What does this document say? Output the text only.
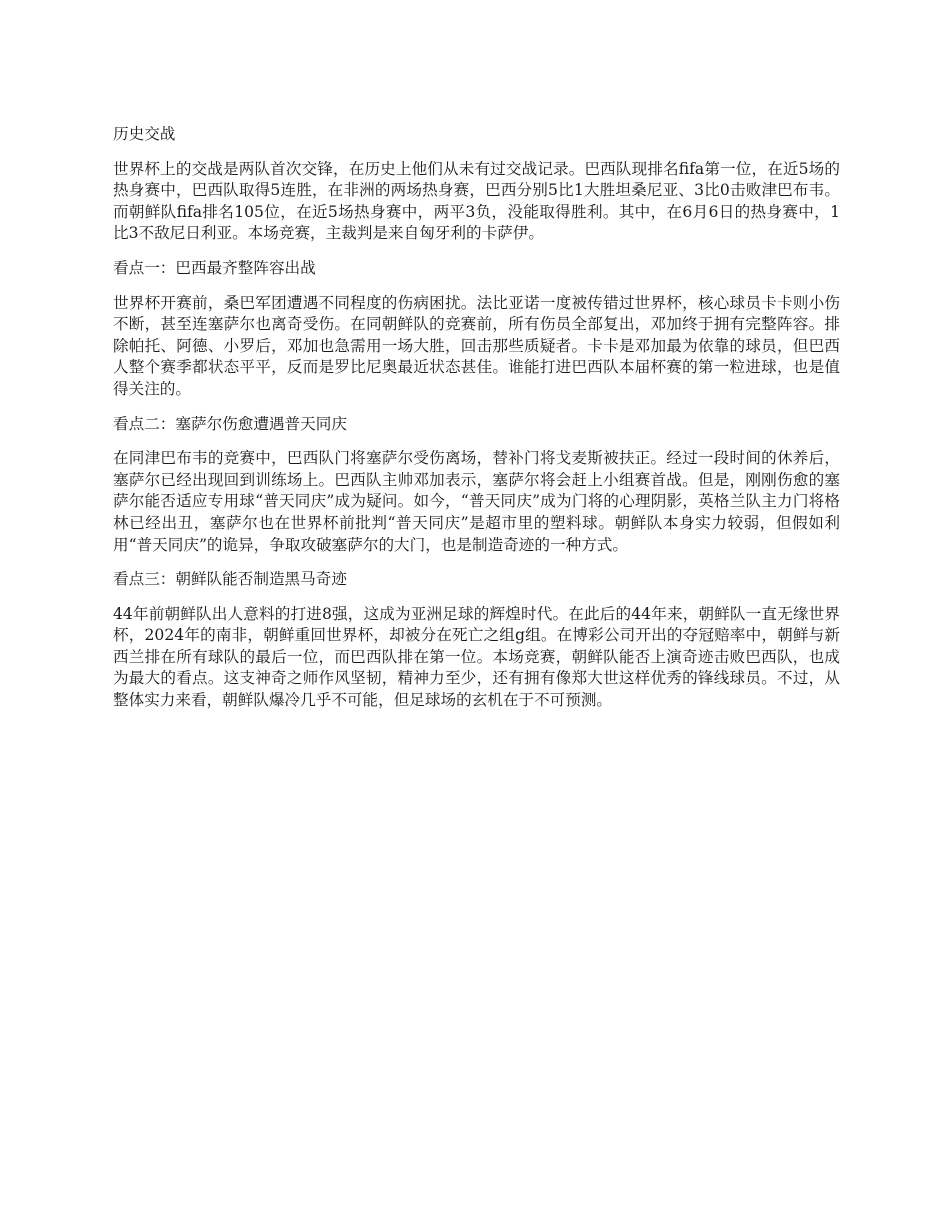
历史交战

世界杯上的交战是两队首次交锋，在历史上他们从未有过交战记录。巴西队现排名fifa第一位，在近5场的热身赛中，巴西队取得5连胜，在非洲的两场热身赛，巴西分别5比1大胜坦桑尼亚、3比0击败津巴布韦。而朝鲜队fifa排名105位，在近5场热身赛中，两平3负，没能取得胜利。其中，在6月6日的热身赛中，1比3不敌尼日利亚。本场竞赛，主裁判是来自匈牙利的卡萨伊。

看点一：巴西最齐整阵容出战

世界杯开赛前，桑巴军团遭遇不同程度的伤病困扰。法比亚诺一度被传错过世界杯，核心球员卡卡则小伤不断，甚至连塞萨尔也离奇受伤。在同朝鲜队的竞赛前，所有伤员全部复出，邓加终于拥有完整阵容。排除帕托、阿德、小罗后，邓加也急需用一场大胜，回击那些质疑者。卡卡是邓加最为依靠的球员，但巴西人整个赛季都状态平平，反而是罗比尼奥最近状态甚佳。谁能打进巴西队本届杯赛的第一粒进球，也是值得关注的。

看点二：塞萨尔伤愈遭遇普天同庆

在同津巴布韦的竞赛中，巴西队门将塞萨尔受伤离场，替补门将戈麦斯被扶正。经过一段时间的休养后，塞萨尔已经出现回到训练场上。巴西队主帅邓加表示，塞萨尔将会赶上小组赛首战。但是，刚刚伤愈的塞萨尔能否适应专用球“普天同庆”成为疑问。如今，“普天同庆”成为门将的心理阴影，英格兰队主力门将格林已经出丑，塞萨尔也在世界杯前批判“普天同庆”是超市里的塑料球。朝鲜队本身实力较弱，但假如利用“普天同庆”的诡异，争取攻破塞萨尔的大门，也是制造奇迹的一种方式。

看点三：朝鲜队能否制造黑马奇迹

44年前朝鲜队出人意料的打进8强，这成为亚洲足球的辉煌时代。在此后的44年来，朝鲜队一直无缘世界杯，2024年的南非，朝鲜重回世界杯，却被分在死亡之组g组。在博彩公司开出的夺冠赔率中，朝鲜与新西兰排在所有球队的最后一位，而巴西队排在第一位。本场竞赛，朝鲜队能否上演奇迹击败巴西队，也成为最大的看点。这支神奇之师作风坚韧，精神力至少，还有拥有像郑大世这样优秀的锋线球员。不过，从整体实力来看，朝鲜队爆冷几乎不可能，但足球场的玄机在于不可预测。
